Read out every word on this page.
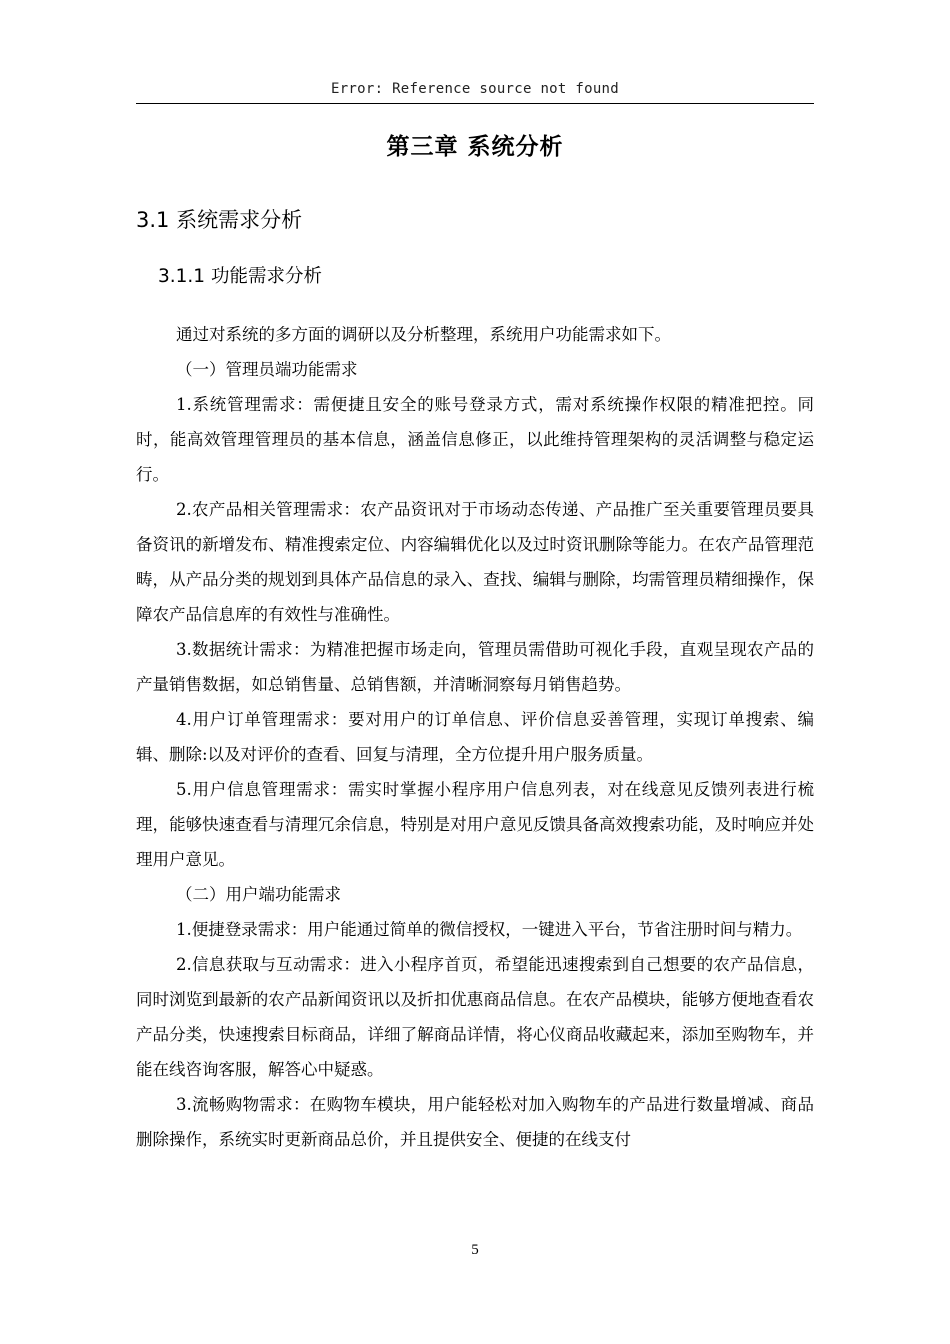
Error: Reference source not found
第三章 系统分析
3.1 系统需求分析
3.1.1 功能需求分析

通过对系统的多方面的调研以及分析整理，系统用户功能需求如下。

（一）管理员端功能需求

1.系统管理需求：需便捷且安全的账号登录方式，需对系统操作权限的精准把控。同时，能高效管理管理员的基本信息，涵盖信息修正，以此维持管理架构的灵活调整与稳定运行。

2.农产品相关管理需求：农产品资讯对于市场动态传递、产品推广至关重要管理员要具备资讯的新增发布、精准搜索定位、内容编辑优化以及过时资讯删除等能力。在农产品管理范畴，从产品分类的规划到具体产品信息的录入、查找、编辑与删除，均需管理员精细操作，保障农产品信息库的有效性与准确性。

3.数据统计需求：为精准把握市场走向，管理员需借助可视化手段，直观呈现农产品的产量销售数据，如总销售量、总销售额，并清晰洞察每月销售趋势。

4.用户订单管理需求：要对用户的订单信息、评价信息妥善管理，实现订单搜索、编辑、删除:以及对评价的查看、回复与清理，全方位提升用户服务质量。

5.用户信息管理需求：需实时掌握小程序用户信息列表，对在线意见反馈列表进行梳理，能够快速查看与清理冗余信息，特别是对用户意见反馈具备高效搜索功能，及时响应并处理用户意见。

（二）用户端功能需求

1.便捷登录需求：用户能通过简单的微信授权，一键进入平台，节省注册时间与精力。

2.信息获取与互动需求：进入小程序首页，希望能迅速搜索到自己想要的农产品信息，同时浏览到最新的农产品新闻资讯以及折扣优惠商品信息。在农产品模块，能够方便地查看农产品分类，快速搜索目标商品，详细了解商品详情，将心仪商品收藏起来，添加至购物车，并能在线咨询客服，解答心中疑惑。

3.流畅购物需求：在购物车模块，用户能轻松对加入购物车的产品进行数量增减、商品删除操作，系统实时更新商品总价，并且提供安全、便捷的在线支付

5
